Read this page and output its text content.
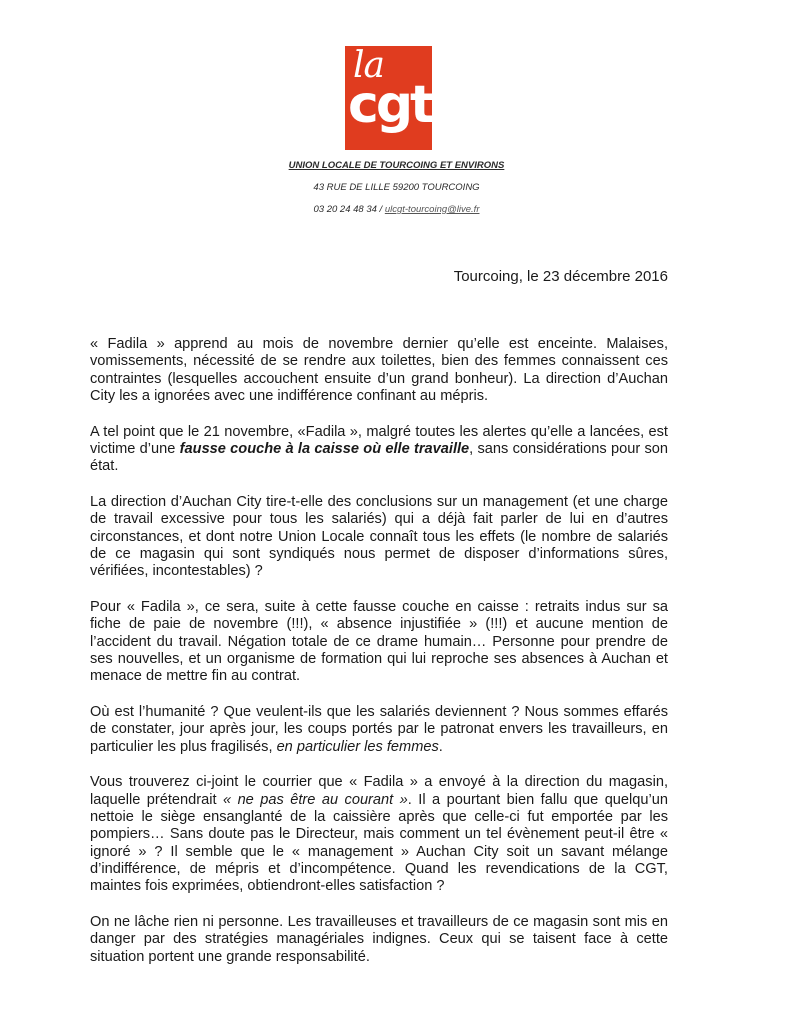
la
cgt
UNION LOCALE DE TOURCOING ET ENVIRONS
43 RUE DE LILLE 59200 TOURCOING
03 20 24 48 34 / ulcgt-tourcoing@live.fr
Tourcoing, le 23 décembre 2016

« Fadila » apprend au mois de novembre dernier qu’elle est enceinte. Malaises, vomissements, nécessité de se rendre aux toilettes, bien des femmes connaissent ces contraintes (lesquelles accouchent ensuite d’un grand bonheur). La direction d’Auchan City les a ignorées avec une indifférence confinant au mépris.

A tel point que le 21 novembre, «Fadila », malgré toutes les alertes qu’elle a lancées, est victime d’une fausse couche à la caisse où elle travaille, sans considérations pour son état.

La direction d’Auchan City tire-t-elle des conclusions sur un management (et une charge de travail excessive pour tous les salariés) qui a déjà fait parler de lui en d’autres circonstances, et dont notre Union Locale connaît tous les effets (le nombre de salariés de ce magasin qui sont syndiqués nous permet de disposer d’informations sûres, vérifiées, incontestables) ?

Pour « Fadila », ce sera, suite à cette fausse couche en caisse : retraits indus sur sa fiche de paie de novembre (!!!), « absence injustifiée » (!!!) et aucune mention de l’accident du travail. Négation totale de ce drame humain… Personne pour prendre de ses nouvelles, et un organisme de formation qui lui reproche ses absences à Auchan et menace de mettre fin au contrat.

Où est l’humanité ? Que veulent-ils que les salariés deviennent ? Nous sommes effarés de constater, jour après jour, les coups portés par le patronat envers les travailleurs, en particulier les plus fragilisés, en particulier les femmes.

Vous trouverez ci-joint le courrier que « Fadila » a envoyé à la direction du magasin, laquelle prétendrait « ne pas être au courant ». Il a pourtant bien fallu que quelqu’un nettoie le siège ensanglanté de la caissière après que celle-ci fut emportée par les pompiers… Sans doute pas le Directeur, mais comment un tel évènement peut-il être « ignoré » ? Il semble que le « management » Auchan City soit un savant mélange d’indifférence, de mépris et d’incompétence. Quand les revendications de la CGT, maintes fois exprimées, obtiendront-elles satisfaction ?

On ne lâche rien ni personne. Les travailleuses et travailleurs de ce magasin sont mis en danger par des stratégies managériales indignes. Ceux qui se taisent face à cette situation portent une grande responsabilité.
